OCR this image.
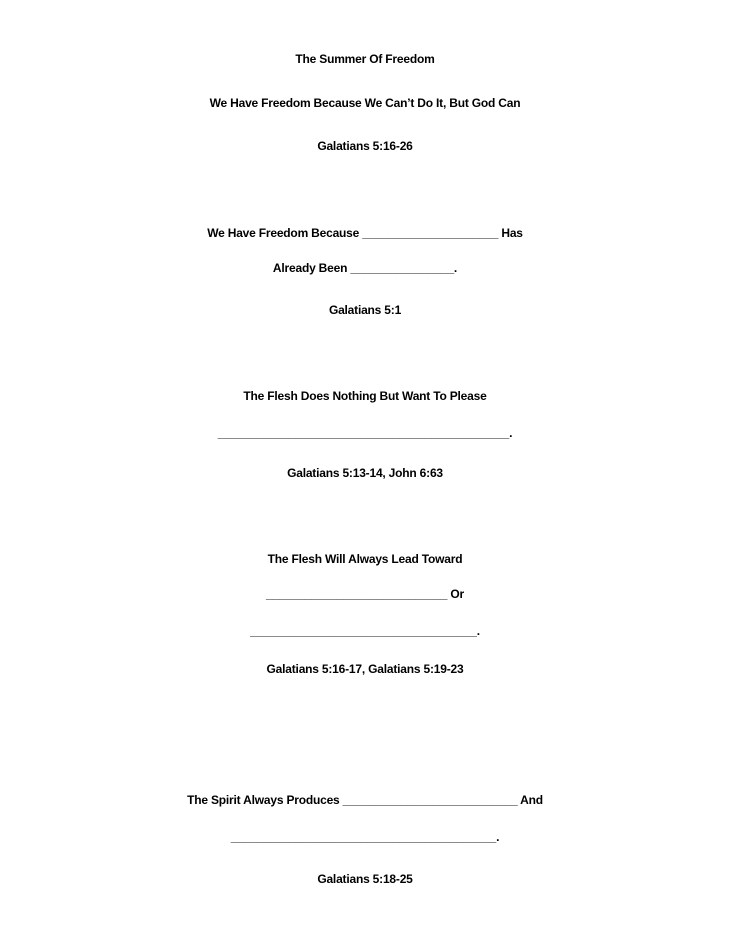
The Summer Of Freedom
We Have Freedom Because We Can’t Do It, But God Can
Galatians 5:16-26
We Have Freedom Because _____________________ Has
Already Been ________________.
Galatians 5:1
The Flesh Does Nothing But Want To Please
_____________________________________________.
Galatians 5:13-14, John 6:63
The Flesh Will Always Lead Toward
____________________________ Or
___________________________________.
Galatians 5:16-17, Galatians 5:19-23
The Spirit Always Produces ___________________________ And
_________________________________________.
Galatians 5:18-25
